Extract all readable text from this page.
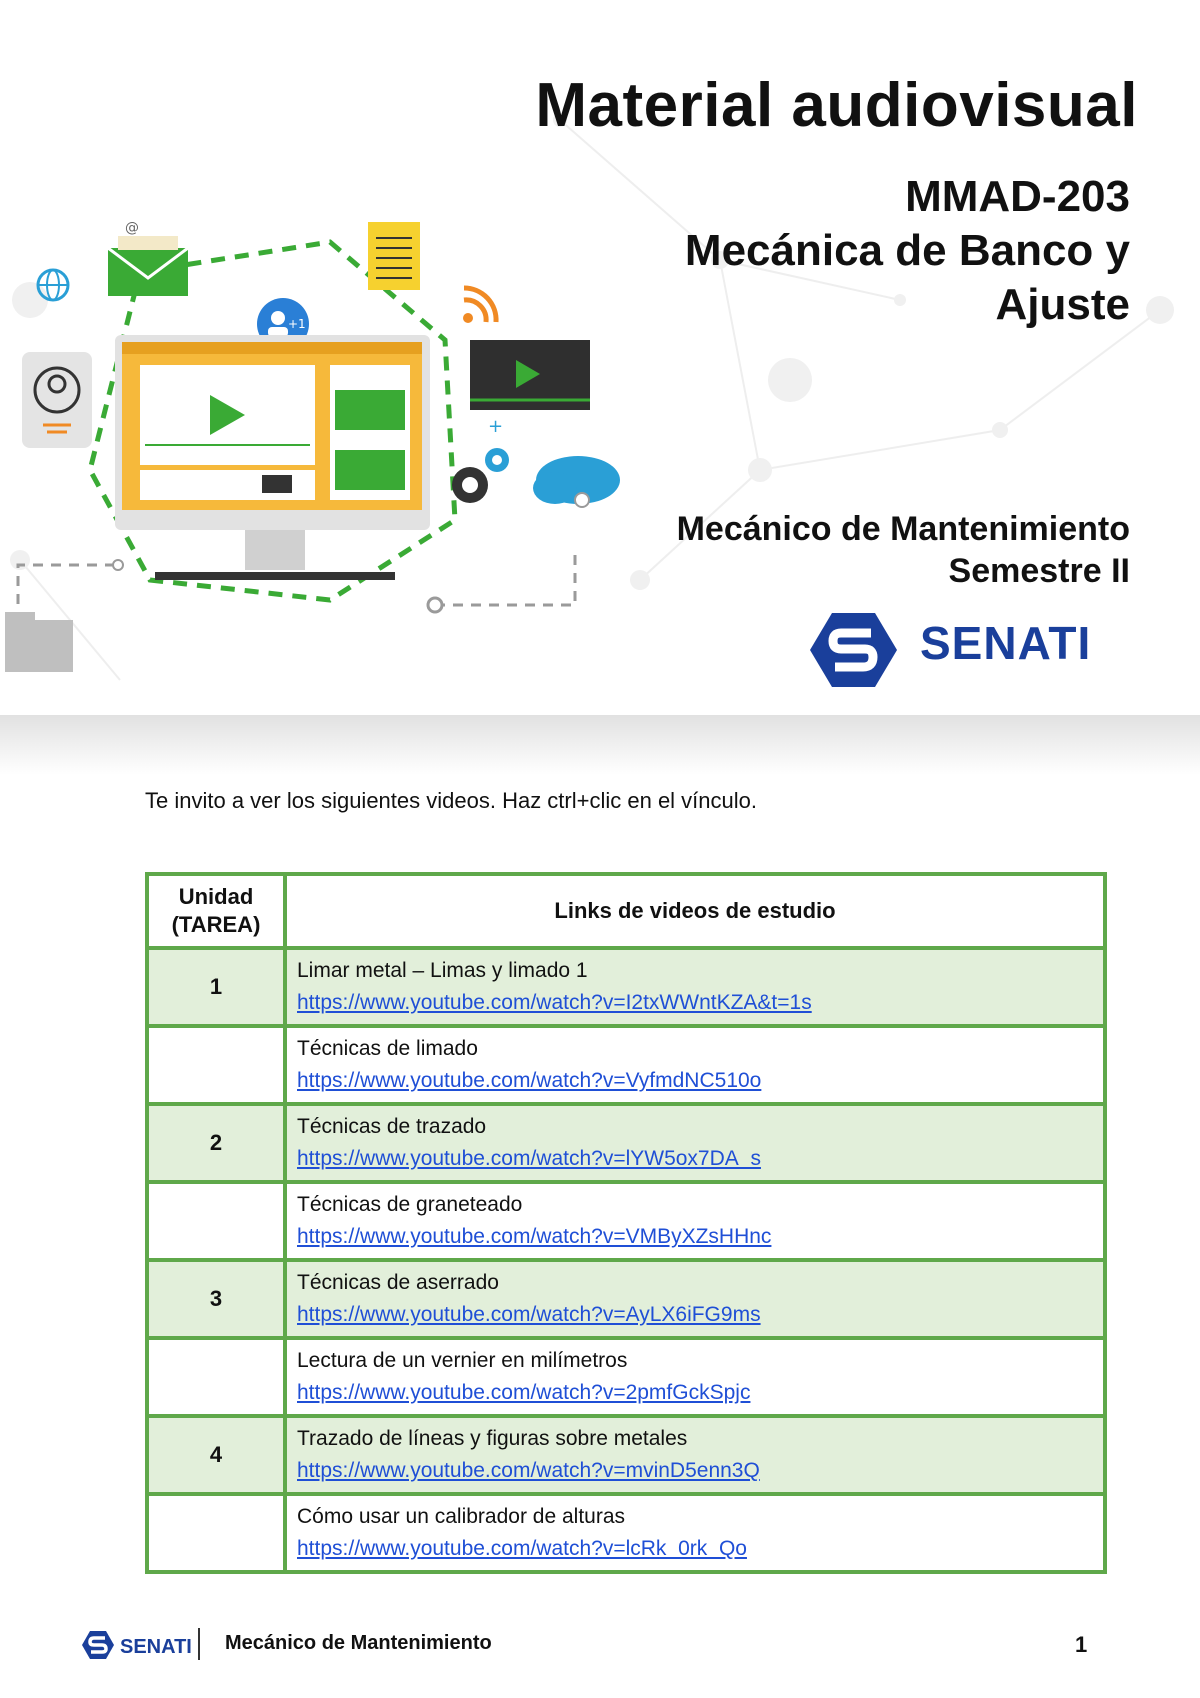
@
+1
+
Material audiovisual
MMAD-203
Mecánica de Banco y
Ajuste
Mecánico de Mantenimiento
Semestre II
SENATI
Te invito a ver los siguientes videos. Haz ctrl+clic en el vínculo.
Unidad
(TAREA)	Links de videos de estudio
1	Limar metal – Limas y limado 1
https://www.youtube.com/watch?v=I2txWWntKZA&t=1s

	Técnicas de limado
https://www.youtube.com/watch?v=VyfmdNC510o

2	Técnicas de trazado
https://www.youtube.com/watch?v=lYW5ox7DA_s

	Técnicas de graneteado
https://www.youtube.com/watch?v=VMByXZsHHnc

3	Técnicas de aserrado
https://www.youtube.com/watch?v=AyLX6iFG9ms

	Lectura de un vernier en milímetros
https://www.youtube.com/watch?v=2pmfGckSpjc

4	Trazado de líneas y figuras sobre metales
https://www.youtube.com/watch?v=mvinD5enn3Q

	Cómo usar un calibrador de alturas
https://www.youtube.com/watch?v=lcRk_0rk_Qo
SENATI Mecánico de Mantenimiento	1
